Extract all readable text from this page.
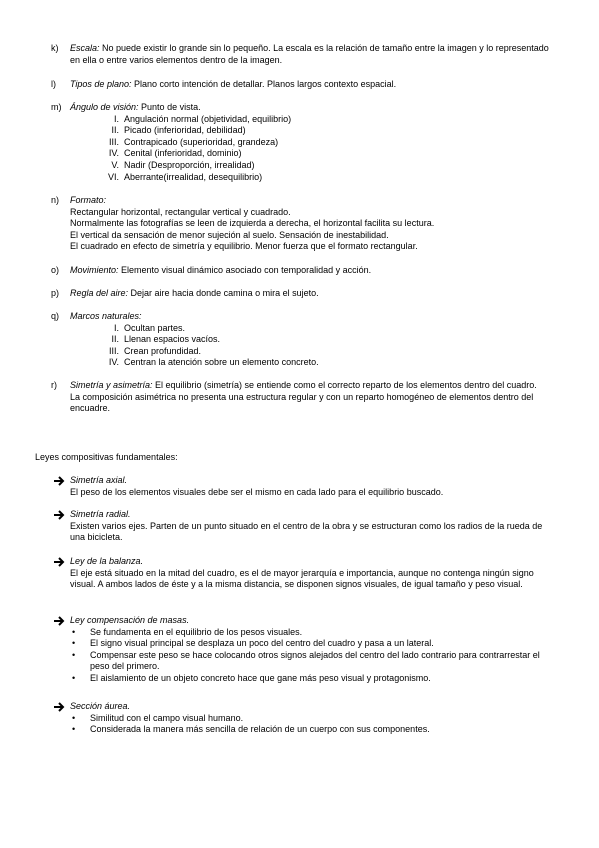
k)	Escala: No puede existir lo grande sin lo pequeño. La escala es la relación de tamaño entre la imagen y lo representado en ella o entre varios elementos dentro de la imagen.
l)	Tipos de plano: Plano corto intención de detallar. Planos largos contexto espacial.
m) Ángulo de visión: Punto de vista.
I. Angulación normal (objetividad, equilibrio)
II. Picado (inferioridad, debilidad)
III. Contrapicado (superioridad, grandeza)
IV. Cenital (inferioridad, dominio)
V. Nadir (Desproporción, irrealidad)
VI. Aberrante(irrealidad, desequilibrio)
n)	Formato:
Rectangular horizontal, rectangular vertical y cuadrado.
Normalmente las fotografías se leen de izquierda a derecha, el horizontal facilita su lectura.
El vertical da sensación de menor sujeción al suelo. Sensación de inestabilidad.
El cuadrado en efecto de simetría y equilibrio. Menor fuerza que el formato rectangular.
o)	Movimiento: Elemento visual dinámico asociado con temporalidad y acción.
p)	Regla del aire: Dejar aire hacia donde camina o mira el sujeto.
q)	Marcos naturales:
I. Ocultan partes.
II. Llenan espacios vacíos.
III. Crean profundidad.
IV. Centran la atención sobre un elemento concreto.
r)	Simetría y asimetría: El equilibrio (simetría) se entiende como el correcto reparto de los elementos dentro del cuadro.
La composición asimétrica no presenta una estructura regular y con un reparto homogéneo de elementos dentro del encuadre.
Leyes compositivas fundamentales:
Simetría axial.
El peso de los elementos visuales debe ser el mismo en cada lado para el equilibrio buscado.
Simetría radial.
Existen varios ejes. Parten de un punto situado en el centro de la obra y se estructuran como los radios de la rueda de una bicicleta.
Ley de la balanza.
El eje está situado en la mitad del cuadro, es el de mayor jerarquía e importancia, aunque no contenga ningún signo visual. A ambos lados de éste y a la misma distancia, se disponen signos visuales, de igual tamaño y peso visual.
Ley compensación de masas.
• Se fundamenta en el equilibrio de los pesos visuales.
• El signo visual principal se desplaza un poco del centro del cuadro y pasa a un lateral.
• Compensar este peso se hace colocando otros signos alejados del centro del lado contrario para contrarrestar el peso del primero.
• El aislamiento de un objeto concreto hace que gane más peso visual y protagonismo.
Sección áurea.
• Similitud con el campo visual humano.
• Considerada la manera más sencilla de relación de un cuerpo con sus componentes.
